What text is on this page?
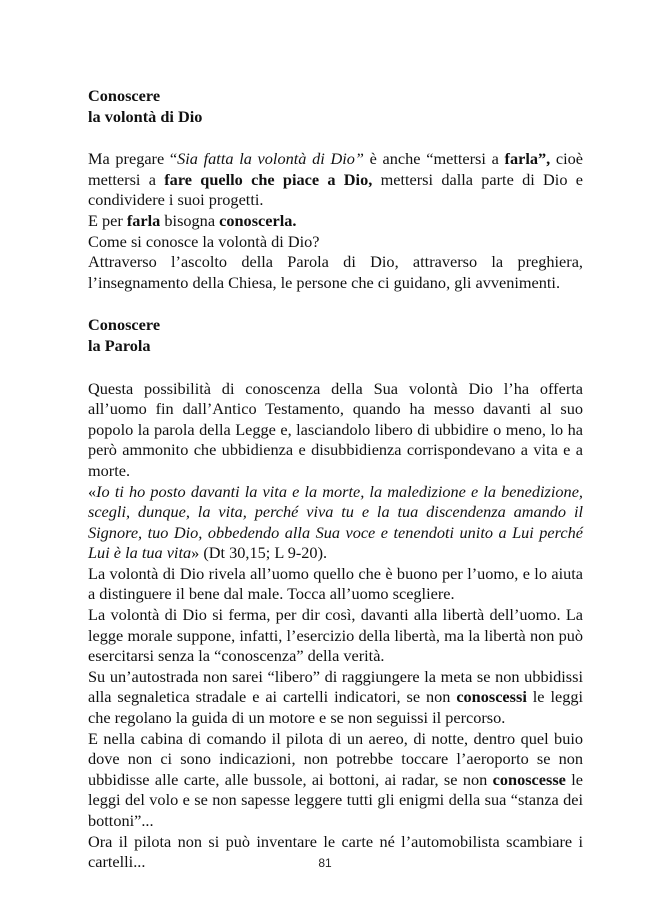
Conoscere
la volontà di Dio

Ma pregare “Sia fatta la volontà di Dio” è anche “mettersi a farla”, cioè mettersi a fare quello che piace a Dio, mettersi dalla parte di Dio e condividere i suoi progetti.

E per farla bisogna conoscerla.

Come si conosce la volontà di Dio?

Attraverso l’ascolto della Parola di Dio, attraverso la preghiera, l’insegnamento della Chiesa, le persone che ci guidano, gli avvenimenti.

Conoscere
la Parola

Questa possibilità di conoscenza della Sua volontà Dio l’ha offerta all’uomo fin dall’Antico Testamento, quando ha messo davanti al suo popolo la parola della Legge e, lasciandolo libero di ubbidire o meno, lo ha però ammonito che ubbidienza e disubbidienza corrispondevano a vita e a morte.

«Io ti ho posto davanti la vita e la morte, la maledizione e la benedizione, scegli, dunque, la vita, perché viva tu e la tua discendenza amando il Signore, tuo Dio, obbedendo alla Sua voce e tenendoti unito a Lui perché Lui è la tua vita» (Dt 30,15; L 9-20).

La volontà di Dio rivela all’uomo quello che è buono per l’uomo, e lo aiuta a distinguere il bene dal male. Tocca all’uomo scegliere.

La volontà di Dio si ferma, per dir così, davanti alla libertà dell’uomo. La legge morale suppone, infatti, l’esercizio della libertà, ma la libertà non può esercitarsi senza la “conoscenza” della verità.

Su un’autostrada non sarei “libero” di raggiungere la meta se non ubbidissi alla segnaletica stradale e ai cartelli indicatori, se non conoscessi le leggi che regolano la guida di un motore e se non seguissi il percorso.

E nella cabina di comando il pilota di un aereo, di notte, dentro quel buio dove non ci sono indicazioni, non potrebbe toccare l’aeroporto se non ubbidisse alle carte, alle bussole, ai bottoni, ai radar, se non conoscesse le leggi del volo e se non sapesse leggere tutti gli enigmi della sua “stanza dei bottoni”...

Ora il pilota non si può inventare le carte né l’automobilista scambiare i cartelli...	81
